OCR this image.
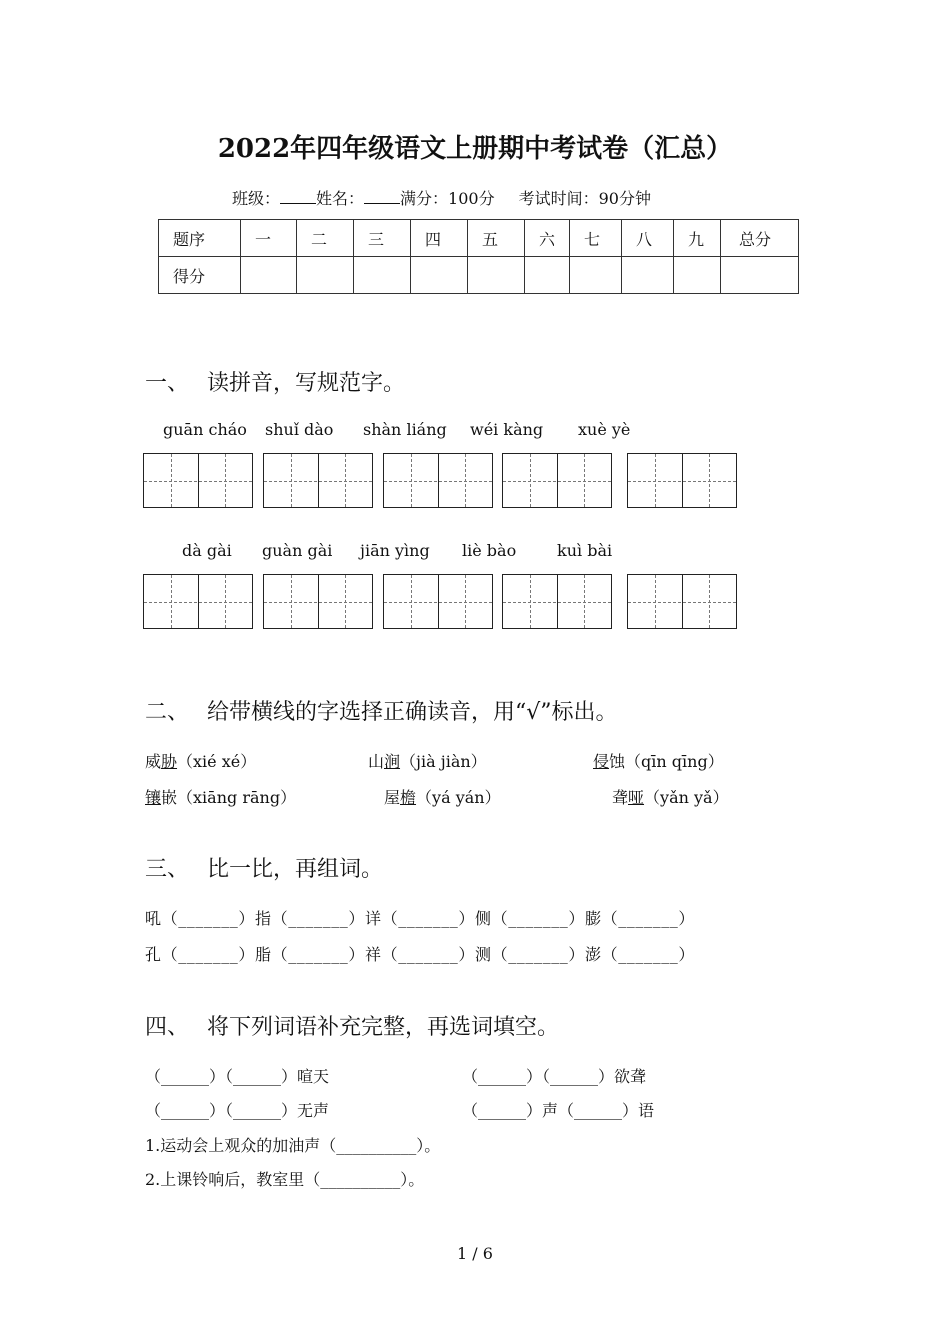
2022年四年级语文上册期中考试卷（汇总）
班级： 姓名： 满分：100分 考试时间：90分钟
题序	一	二	三	四	五	六	七	八	九	总分
得分										
一、 读拼音，写规范字。
guān cháo shuǐ dào shàn liáng wéi kàng xuè yè
dà gài guàn gài jiān yìng liè bào	kuì bài
二、 给带横线的字选择正确读音，用“√”标出。
威胁（xié xé）	山涧（jià jiàn）	侵蚀（qīn qīng）
镶嵌（xiāng rāng）	屋檐（yá yán）	聋哑（yǎn yǎ）
三、 比一比，再组词。
吼（_______）指（_______）详（_______）侧（_______）膨（_______）
孔（_______）脂（_______）祥（_______）测（_______）澎（_______）
四、 将下列词语补充完整，再选词填空。
（______）（______）喧天	（______）（______）欲聋
（______）（______）无声	（______）声（______）语
1.运动会上观众的加油声（__________）。
2.上课铃响后，教室里（__________）。
1 / 6
